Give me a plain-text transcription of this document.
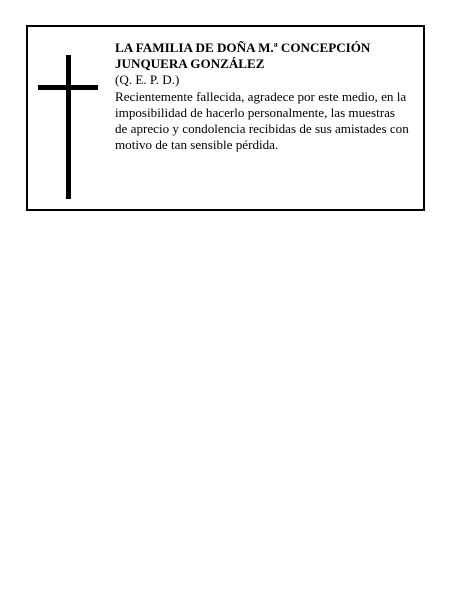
LA FAMILIA DE DOÑA M.ª CONCEPCIÓN
JUNQUERA GONZÁLEZ
(Q. E. P. D.)
Recientemente fallecida, agradece por este medio, en la
imposibilidad de hacerlo personalmente, las muestras
de aprecio y condolencia recibidas de sus amistades con
motivo de tan sensible pérdida.
